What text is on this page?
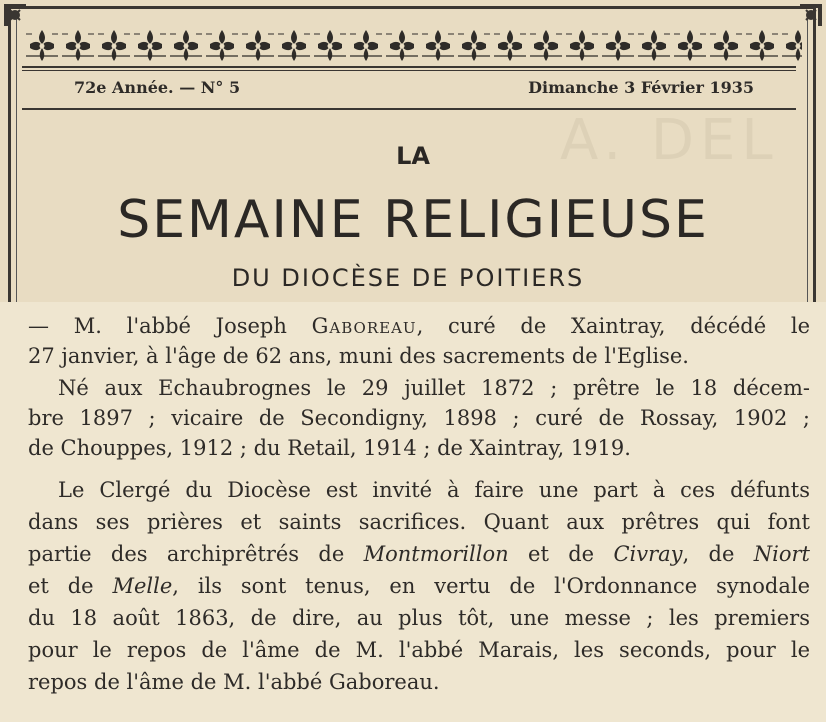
72e Année. — N° 5	Dimanche 3 Février 1935
A. DEL
LA
SEMAINE RELIGIEUSE
DU DIOCÈSE DE POITIERS
— M. l'abbé Joseph Gaboreau, curé de Xaintray, décédé le
27 janvier, à l'âge de 62 ans, muni des sacrements de l'Eglise.
Né aux Echaubrognes le 29 juillet 1872 ; prêtre le 18 décem-
bre 1897 ; vicaire de Secondigny, 1898 ; curé de Rossay, 1902 ;
de Chouppes, 1912 ; du Retail, 1914 ; de Xaintray, 1919.
Le Clergé du Diocèse est invité à faire une part à ces défunts
dans ses prières et saints sacrifices. Quant aux prêtres qui font
partie des archiprêtrés de Montmorillon et de Civray, de Niort
et de Melle, ils sont tenus, en vertu de l'Ordonnance synodale
du 18 août 1863, de dire, au plus tôt, une messe ; les premiers
pour le repos de l'âme de M. l'abbé Marais, les seconds, pour le
repos de l'âme de M. l'abbé Gaboreau.
